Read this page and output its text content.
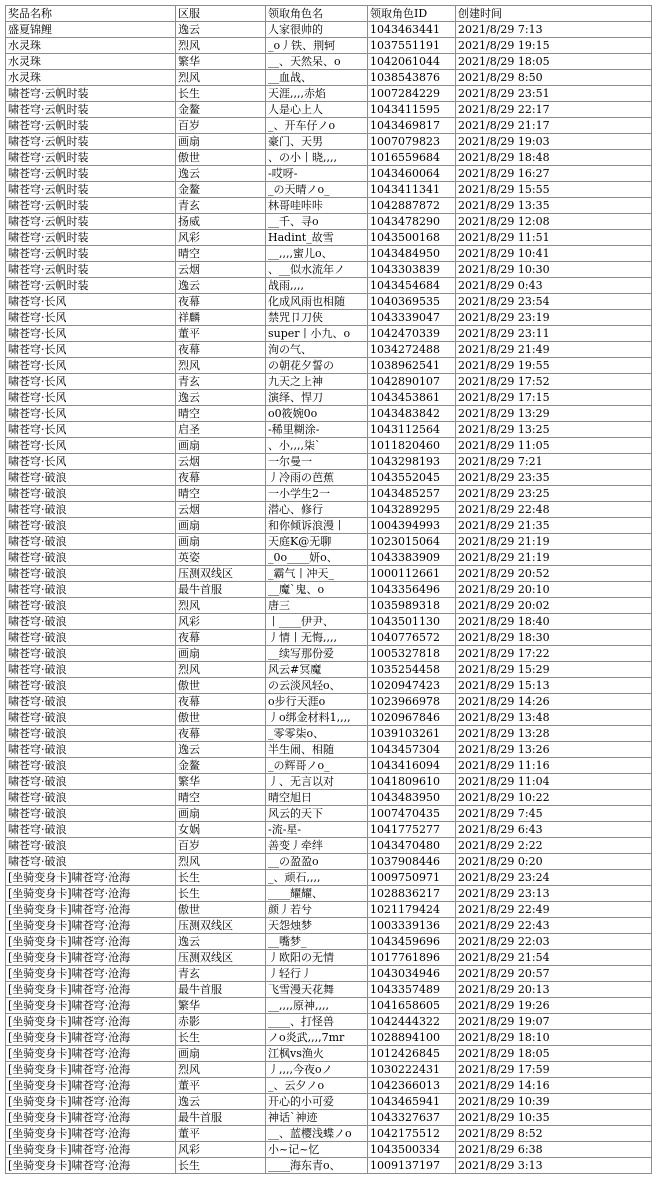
奖品名称	区服	领取角色名	领取角色ID	创建时间
盛夏锦鲤	逸云	人家很帅的	1043463441	2021/8/29 7:13
水灵珠	烈风	_o丿铁、荆轲	1037551191	2021/8/29 19:15
水灵珠	繁华	__、天然呆、o	1042061044	2021/8/29 18:05
水灵珠	烈风	__血战、	1038543876	2021/8/29 8:50
啸苍穹·云帆时装	长生	天涯,,,,赤焰	1007284229	2021/8/29 23:51
啸苍穹·云帆时装	金鳌	人是心上人	1043411595	2021/8/29 22:17
啸苍穹·云帆时装	百岁	_、开车仔ノo	1043469817	2021/8/29 21:17
啸苍穹·云帆时装	画扇	豪门、天男	1007079823	2021/8/29 19:03
啸苍穹·云帆时装	傲世	、の小丨晓,,,,	1016559684	2021/8/29 18:48
啸苍穹·云帆时装	逸云	-哎呀-	1043460064	2021/8/29 16:27
啸苍穹·云帆时装	金鳌	_の天晴ノo_	1043411341	2021/8/29 15:55
啸苍穹·云帆时装	青玄	林哥哇咔咔	1042887872	2021/8/29 13:35
啸苍穹·云帆时装	扬威	__千、寻o	1043478290	2021/8/29 12:08
啸苍穹·云帆时装	风彩	Hadint_故雪	1043500168	2021/8/29 11:51
啸苍穹·云帆时装	晴空	__,,,,蜜儿o、	1043484950	2021/8/29 10:41
啸苍穹·云帆时装	云烟	、__似水流年ノ	1043303839	2021/8/29 10:30
啸苍穹·云帆时装	逸云	战雨,,,,	1043454684	2021/8/29 0:43
啸苍穹·长风	夜幕	化成风雨也相随	1040369535	2021/8/29 23:54
啸苍穹·长风	祥麟	禁咒卩刀侠	1043339047	2021/8/29 23:19
啸苍穹·长风	董平	super丨小九、o	1042470339	2021/8/29 23:11
啸苍穹·长风	夜幕	洵の气、	1034272488	2021/8/29 21:49
啸苍穹·长风	烈风	の朝花夕誓の	1038962541	2021/8/29 19:55
啸苍穹·长风	青玄	九天之上神	1042890107	2021/8/29 17:52
啸苍穹·长风	逸云	演绎、悍刀	1043453861	2021/8/29 17:15
啸苍穹·长风	晴空	o0筱婉0o	1043483842	2021/8/29 13:29
啸苍穹·长风	启圣	-稀里糊涂-	1043112564	2021/8/29 13:25
啸苍穹·长风	画扇	、小,,,,柒`	1011820460	2021/8/29 11:05
啸苍穹·长风	云烟	一尔曼一	1043298193	2021/8/29 7:21
啸苍穹·破浪	夜幕	丿冷雨の芭蕉	1043552045	2021/8/29 23:35
啸苍穹·破浪	晴空	一小学生2一	1043485257	2021/8/29 23:25
啸苍穹·破浪	云烟	潜心、修行	1043289295	2021/8/29 22:48
啸苍穹·破浪	画扇	和你倾诉浪漫丨	1004394993	2021/8/29 21:35
啸苍穹·破浪	画扇	天庭K@无聊	1023015064	2021/8/29 21:19
啸苍穹·破浪	英姿	_0o____妍o、	1043383909	2021/8/29 21:19
啸苍穹·破浪	压测双线区	_霸气丨冲天_	1000112661	2021/8/29 20:52
啸苍穹·破浪	最牛首服	__魔`鬼、o	1043356496	2021/8/29 20:10
啸苍穹·破浪	烈风	唐三	1035989318	2021/8/29 20:02
啸苍穹·破浪	风彩	丨____伊尹、	1043501130	2021/8/29 18:40
啸苍穹·破浪	夜幕	丿情丨无悔,,,,	1040776572	2021/8/29 18:30
啸苍穹·破浪	画扇	__续写那份爱	1005327818	2021/8/29 17:22
啸苍穹·破浪	烈风	风云#冥魔	1035254458	2021/8/29 15:29
啸苍穹·破浪	傲世	の云淡风轻o、	1020947423	2021/8/29 15:13
啸苍穹·破浪	夜幕	o步行天涯o	1023966978	2021/8/29 14:26
啸苍穹·破浪	傲世	丿o绑金材料1,,,,	1020967846	2021/8/29 13:48
啸苍穹·破浪	夜幕	_零零柒o、	1039103261	2021/8/29 13:28
啸苍穹·破浪	逸云	半生闹、相随	1043457304	2021/8/29 13:26
啸苍穹·破浪	金鳌	_の辉哥ノo_	1043416094	2021/8/29 11:16
啸苍穹·破浪	繁华	丿、无言以对	1041809610	2021/8/29 11:04
啸苍穹·破浪	晴空	晴空旭日	1043483950	2021/8/29 10:22
啸苍穹·破浪	画扇	风云的天下	1007470435	2021/8/29 7:45
啸苍穹·破浪	女娲	-流-星-	1041775277	2021/8/29 6:43
啸苍穹·破浪	百岁	善变丿牵绊	1043470480	2021/8/29 2:22
啸苍穹·破浪	烈风	__の盈盈o	1037908446	2021/8/29 0:20
[坐骑变身卡]啸苍穹·沧海	长生	_、顽石,,,,	1009750971	2021/8/29 23:24
[坐骑变身卡]啸苍穹·沧海	长生	____耀耀、	1028836217	2021/8/29 23:13
[坐骑变身卡]啸苍穹·沧海	傲世	颜丿若兮	1021179424	2021/8/29 22:49
[坐骑变身卡]啸苍穹·沧海	压测双线区	天怨烛梦	1003339136	2021/8/29 22:43
[坐骑变身卡]啸苍穹·沧海	逸云	__嘴梦_	1043459696	2021/8/29 22:03
[坐骑变身卡]啸苍穹·沧海	压测双线区	丿欧阳の无情	1017761896	2021/8/29 21:54
[坐骑变身卡]啸苍穹·沧海	青玄	丿轻行丿	1043034946	2021/8/29 20:57
[坐骑变身卡]啸苍穹·沧海	最牛首服	飞雪漫天花舞	1043357489	2021/8/29 20:13
[坐骑变身卡]啸苍穹·沧海	繁华	__,,,,原神,,,,	1041658605	2021/8/29 19:26
[坐骑变身卡]啸苍穹·沧海	赤影	____、打怪兽	1042444322	2021/8/29 19:07
[坐骑变身卡]啸苍穹·沧海	长生	ノo炎武,,,,7mr	1028894100	2021/8/29 18:10
[坐骑变身卡]啸苍穹·沧海	画扇	江枫vs渔火	1012426845	2021/8/29 18:05
[坐骑变身卡]啸苍穹·沧海	烈风	丿,,,,今夜oノ	1030222431	2021/8/29 17:59
[坐骑变身卡]啸苍穹·沧海	董平	_、云夕ノo	1042366013	2021/8/29 14:16
[坐骑变身卡]啸苍穹·沧海	逸云	开心的小可爱	1043465941	2021/8/29 10:39
[坐骑变身卡]啸苍穹·沧海	最牛首服	神话`神迹	1043327637	2021/8/29 10:35
[坐骑变身卡]啸苍穹·沧海	董平	__、蓝樱浅蝶ノo	1042175512	2021/8/29 8:52
[坐骑变身卡]啸苍穹·沧海	风彩	小~记~忆	1043500334	2021/8/29 6:38
[坐骑变身卡]啸苍穹·沧海	长生	____海东青o、	1009137197	2021/8/29 3:13
